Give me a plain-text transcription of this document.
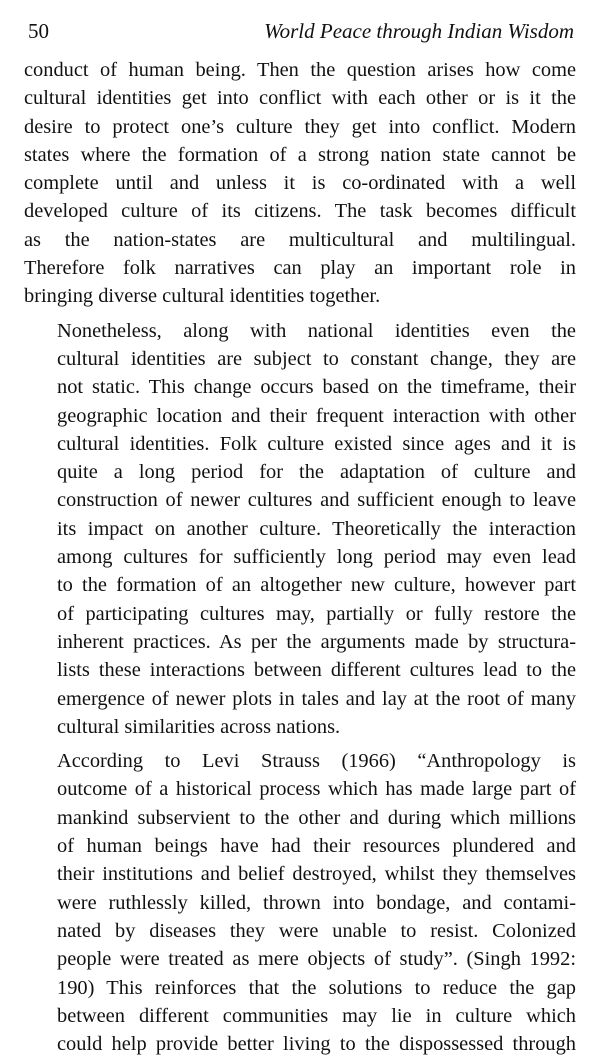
50	World Peace through Indian Wisdom

conduct of human being. Then the question arises how come
cultural identities get into conflict with each other or is it the
desire to protect one’s culture they get into conflict. Modern
states where the formation of a strong nation state cannot be
complete until and unless it is co-ordinated with a well
developed culture of its citizens. The task becomes difficult
as the nation-states are multicultural and multilingual.
Therefore folk narratives can play an important role in
bringing diverse cultural identities together.

Nonetheless, along with national identities even the
cultural identities are subject to constant change, they are
not static. This change occurs based on the timeframe, their
geographic location and their frequent interaction with other
cultural identities. Folk culture existed since ages and it is
quite a long period for the adaptation of culture and
construction of newer cultures and sufficient enough to leave
its impact on another culture. Theoretically the interaction
among cultures for sufficiently long period may even lead
to the formation of an altogether new culture, however part
of participating cultures may, partially or fully restore the
inherent practices. As per the arguments made by structura-
lists these interactions between different cultures lead to the
emergence of newer plots in tales and lay at the root of many
cultural similarities across nations.

According to Levi Strauss (1966) “Anthropology is
outcome of a historical process which has made large part of
mankind subservient to the other and during which millions
of human beings have had their resources plundered and
their institutions and belief destroyed, whilst they themselves
were ruthlessly killed, thrown into bondage, and contami-
nated by diseases they were unable to resist. Colonized
people were treated as mere objects of study”. (Singh 1992:
190) This reinforces that the solutions to reduce the gap
between different communities may lie in culture which
could help provide better living to the dispossessed through
